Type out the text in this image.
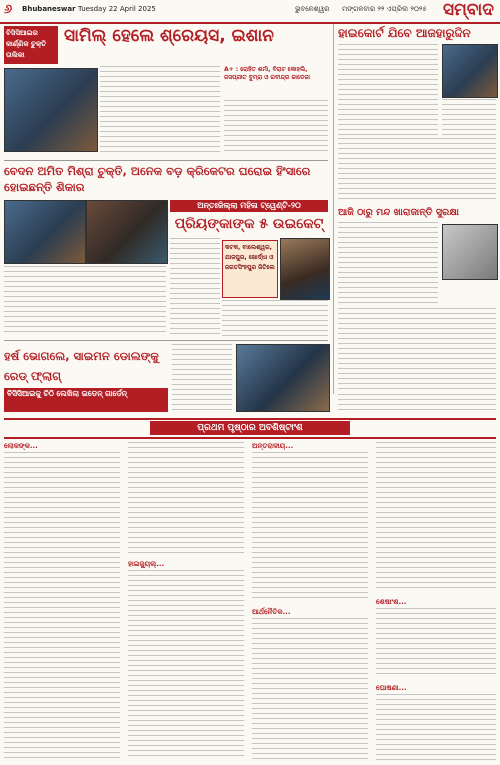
୬ Bhubaneswar Tuesday 22 April 2025	ଭୁବନେଶ୍ୱର ମଙ୍ଗଳବାର ୨୨ ଏପ୍ରିଲ ୨୦୨୫ ସମ୍ବାଦ
ବିସିସିଆଇର କାର୍ଣ୍ଣିକ ଚୁକ୍ତି ତାଲିକା
ସାମିଲ୍ ହେଲେ ଶ୍ରେୟସ, ଇଶାନ
A+ : ରୋହିତ ଶର୍ମା, ବିରାଟ କୋହଲି, ଜସପ୍ରୀତ ବୁମ୍ରା ଓ ରବୀନ୍ଦ୍ର ଜାଡେଜା
ହାଇକୋର୍ଟ ଯିବେ ଆଜହାରୁଦ୍ଦିନ
ବେଦନ ଅମିତ ମିଶ୍ରା ଚୁକ୍ତି, ଅନେକ ବଡ଼ କ୍ରିକେଟର ଘରୋଇ ହିଂସାରେ ହୋଇଛନ୍ତି ଶିକାର
ଅନ୍ତଃଜିଲ୍ଲା ମହିଳା ଟ୍ୱେଣ୍ଟି-୨୦
ପ୍ରିୟଙ୍କାଙ୍କ ୫ ଉଇକେଟ୍
କଟକ, ବାଲେଶ୍ୱର, ଯାଜପୁର, ଖୋର୍ଦ୍ଧା ଓ ଜଗତସିଂହପୁର ଜିତିଲେ
ଆଜି ଠାରୁ ମନ୍ଦ ଖାରାଜାନ୍ତି ସୁରକ୍ଷା
ହର୍ଷ ଭୋଗଲେ, ସାଇମନ ଡୋଲଙ୍କୁ ରେଡ୍ ଫ୍ଲାଗ୍
ବିସିସିଆଇକୁ ଚିଠି ଲେଖିଲା ଇଡେନ୍ ଗାର୍ଡେନ୍
ପ୍ରଥମ ପୃଷ୍ଠାର ଅବଶିଷ୍ଟାଂଶ
ଲୋକଙ୍କ...
ହାଇଜ୍ୟୁଲ୍...
ଅନ୍ତରାଳୀୟ...
ଆର୍ଥନୈତିକ...
ଶେଷାଂଶ...
ଘୋଷଣା...
